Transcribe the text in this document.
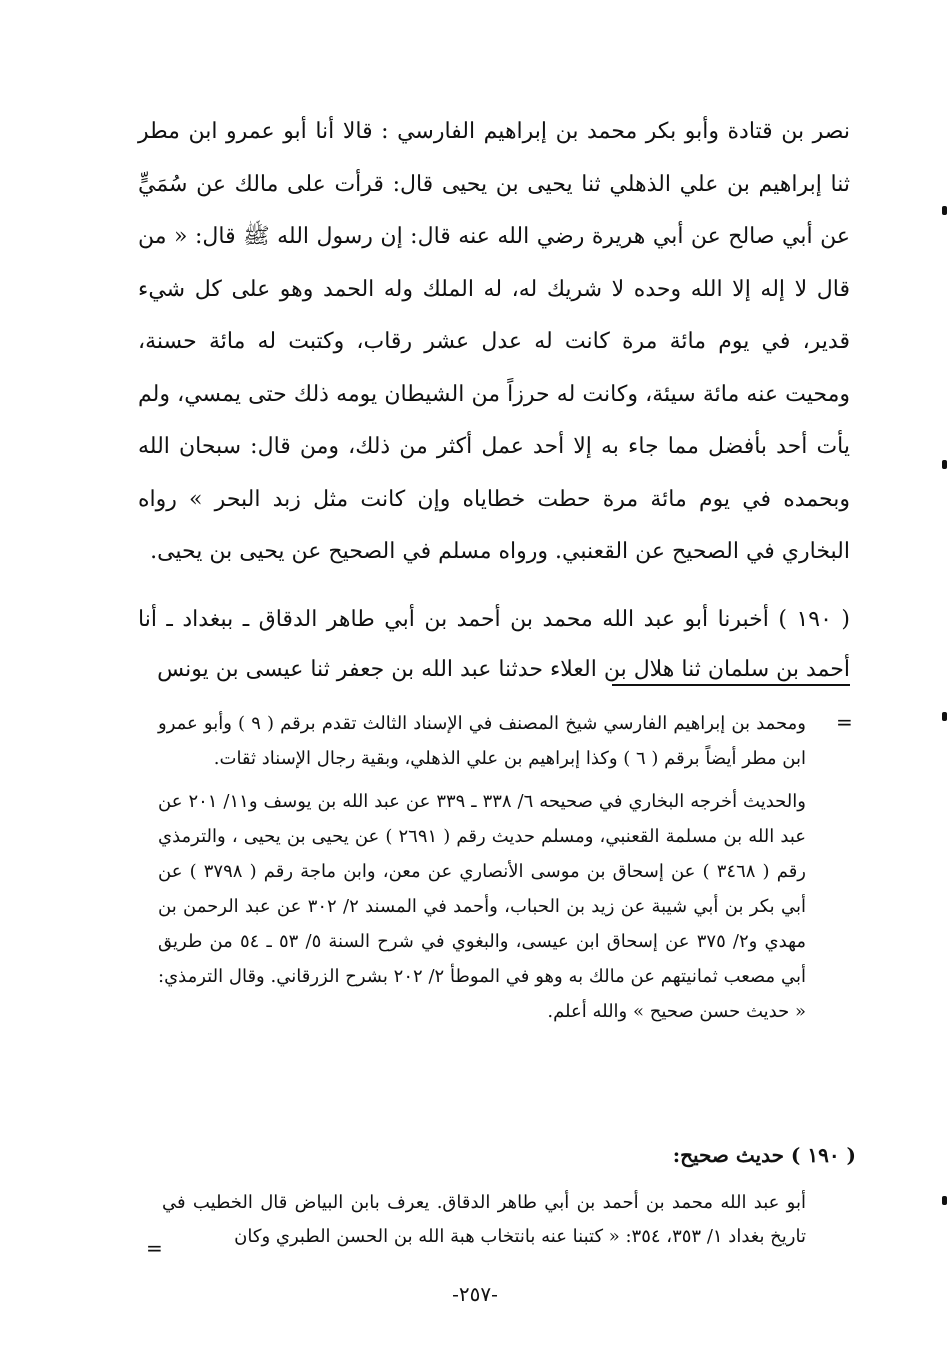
نصر بن قتادة وأبو بكر محمد بن إبراهيم الفارسي : قالا أنا أبو عمرو ابن مطر ثنا إبراهيم بن علي الذهلي ثنا يحيى بن يحيى قال: قرأت على مالك عن سُمَيٍّ عن أبي صالح عن أبي هريرة رضي الله عنه قال: إن رسول الله ﷺ قال: « من قال لا إله إلا الله وحده لا شريك له، له الملك وله الحمد وهو على كل شيء قدير، في يوم مائة مرة كانت له عدل عشر رقاب، وكتبت له مائة حسنة، ومحيت عنه مائة سيئة، وكانت له حرزاً من الشيطان يومه ذلك حتى يمسي، ولم يأت أحد بأفضل مما جاء به إلا أحد عمل أكثر من ذلك، ومن قال: سبحان الله وبحمده في يوم مائة مرة حطت خطاياه وإن كانت مثل زبد البحر » رواه البخاري في الصحيح عن القعنبي. ورواه مسلم في الصحيح عن يحيى بن يحيى.

( ١٩٠ ) أخبرنا أبو عبد الله محمد بن أحمد بن أبي طاهر الدقاق ـ ببغداد ـ أنا أحمد بن سلمان ثنا هلال بن العلاء حدثنا عبد الله بن جعفر ثنا عيسى بن يونس

=

ومحمد بن إبراهيم الفارسي شيخ المصنف في الإسناد الثالث تقدم برقم ( ٩ ) وأبو عمرو ابن مطر أيضاً برقم ( ٦ ) وكذا إبراهيم بن علي الذهلي، وبقية رجال الإسناد ثقات.

والحديث أخرجه البخاري في صحيحه ٦/ ٣٣٨ ـ ٣٣٩ عن عبد الله بن يوسف و١١/ ٢٠١ عن عبد الله بن مسلمة القعنبي، ومسلم حديث رقم ( ٢٦٩١ ) عن يحيى بن يحيى ، والترمذي رقم ( ٣٤٦٨ ) عن إسحاق بن موسى الأنصاري عن معن، وابن ماجة رقم ( ٣٧٩٨ ) عن أبي بكر بن أبي شيبة عن زيد بن الحباب، وأحمد في المسند ٢/ ٣٠٢ عن عبد الرحمن بن مهدي و٢/ ٣٧٥ عن إسحاق ابن عيسى، والبغوي في شرح السنة ٥/ ٥٣ ـ ٥٤ من طريق أبي مصعب ثمانيتهم عن مالك به وهو في الموطأ ٢/ ٢٠٢ بشرح الزرقاني. وقال الترمذي: « حديث حسن صحيح » والله أعلم.

( ١٩٠ ) حديث صحيح:

أبو عبد الله محمد بن أحمد بن أبي طاهر الدقاق. يعرف بابن البياض قال الخطيب في تاريخ بغداد ١/ ٣٥٣، ٣٥٤: « كتبنا عنه بانتخاب هبة الله بن الحسن الطبري وكان

=
-٢٥٧-
